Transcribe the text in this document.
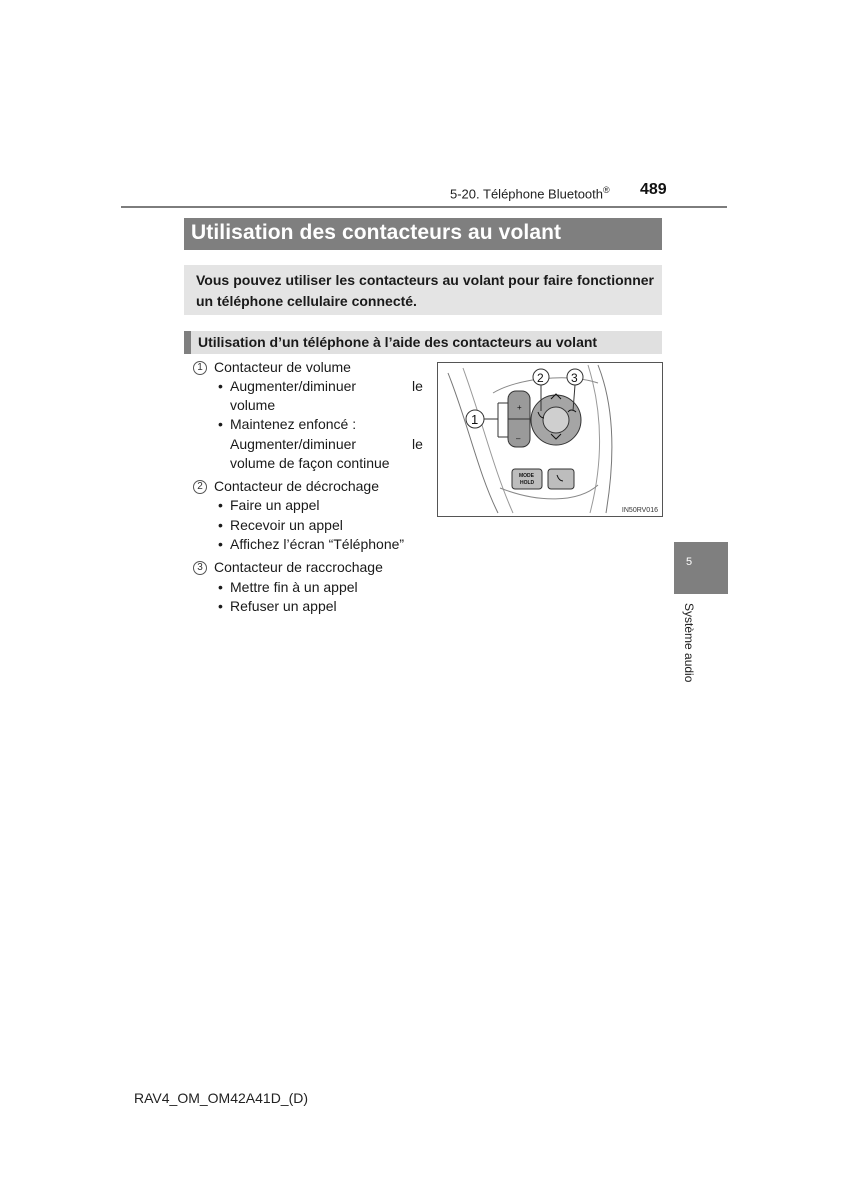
5-20. Téléphone Bluetooth® 489
Utilisation des contacteurs au volant
Vous pouvez utiliser les contacteurs au volant pour faire fonctionner un téléphone cellulaire connecté.
Utilisation d’un téléphone à l’aide des contacteurs au volant
1 Contacteur de volume
• Augmenter/diminuer	le
volume
• Maintenez enfoncé :
Augmenter/diminuer	le
volume de façon continue
2 Contacteur de décrochage
• Faire un appel
• Recevoir un appel
• Affichez l’écran “Téléphone”
3 Contacteur de raccrochage
• Mettre fin à un appel
• Refuser un appel
+
–
MODE
HOLD
1
2 3
IN50RV016
5
Système audio
RAV4_OM_OM42A41D_(D)
